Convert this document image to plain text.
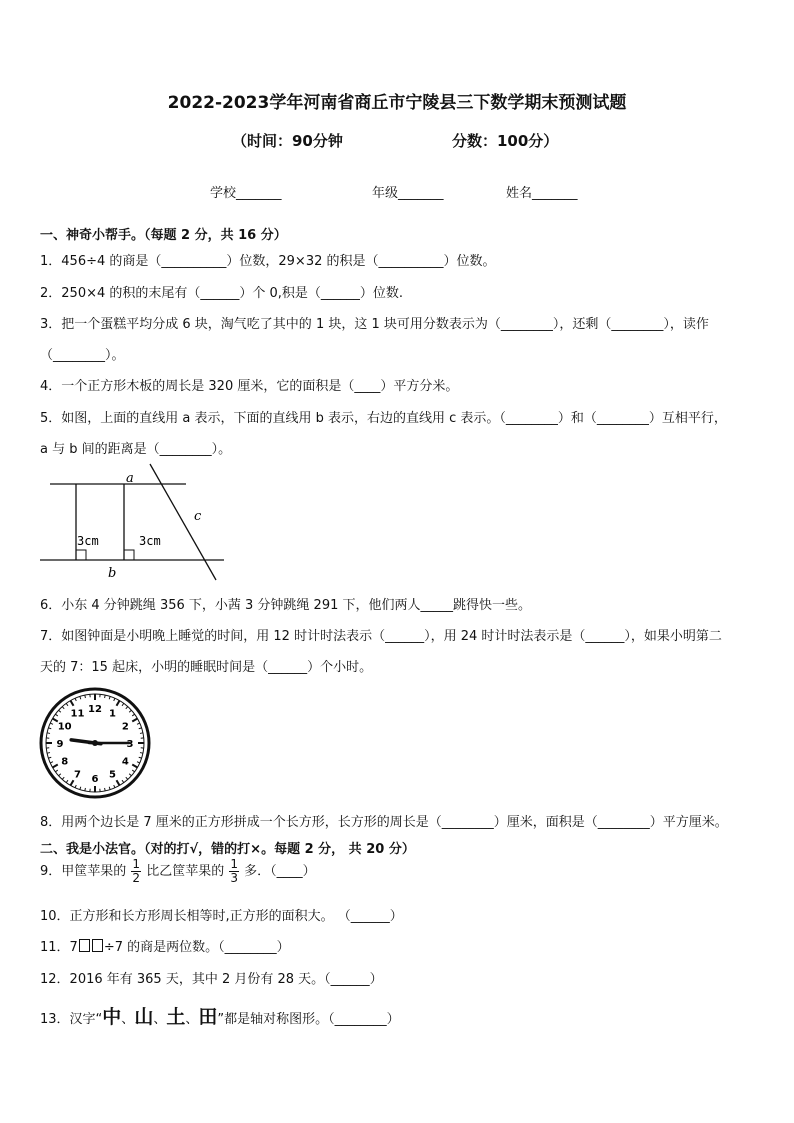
2022-2023学年河南省商丘市宁陵县三下数学期末预测试题
（时间：90分钟	分数：100分）
学校_______	年级_______	姓名_______
一、神奇小帮手。（每题 2 分，共 16 分）
1．456÷4 的商是（__________）位数，29×32 的积是（__________）位数。
2．250×4 的积的末尾有（______）个 0,积是（______）位数.
3．把一个蛋糕平均分成 6 块，淘气吃了其中的 1 块，这 1 块可用分数表示为（________），还剩（________），读作
（________）。
4．一个正方形木板的周长是 320 厘米，它的面积是（____）平方分米。
5．如图，上面的直线用 a 表示，下面的直线用 b 表示，右边的直线用 c 表示。（________）和（________）互相平行，
a 与 b 间的距离是（________）。
a
b
c
3cm	3cm
6．小东 4 分钟跳绳 356 下，小茜 3 分钟跳绳 291 下，他们两人_____跳得快一些。
7．如图钟面是小明晚上睡觉的时间，用 12 时计时法表示（______），用 24 时计时法表示是（______），如果小明第二
天的 7：15 起床，小明的睡眠时间是（______）个小时。
1
2
3
4
5
6
7
8
9
10
11 12
8．用两个边长是 7 厘米的正方形拼成一个长方形，长方形的周长是（________）厘米，面积是（________）平方厘米。
二、我是小法官。（对的打√，错的打×。每题 2 分， 共 20 分）
9．甲筐苹果的 $\frac{1}{2}$ 比乙筐苹果的 $\frac{1}{3}$ 多．（____）
10．正方形和长方形周长相等时,正方形的面积大。 （______）
11．7 ÷7 的商是两位数。（________）
12．2016 年有 365 天，其中 2 月份有 28 天。（______）
13．汉字“中、山、土、田”都是轴对称图形。（________）
